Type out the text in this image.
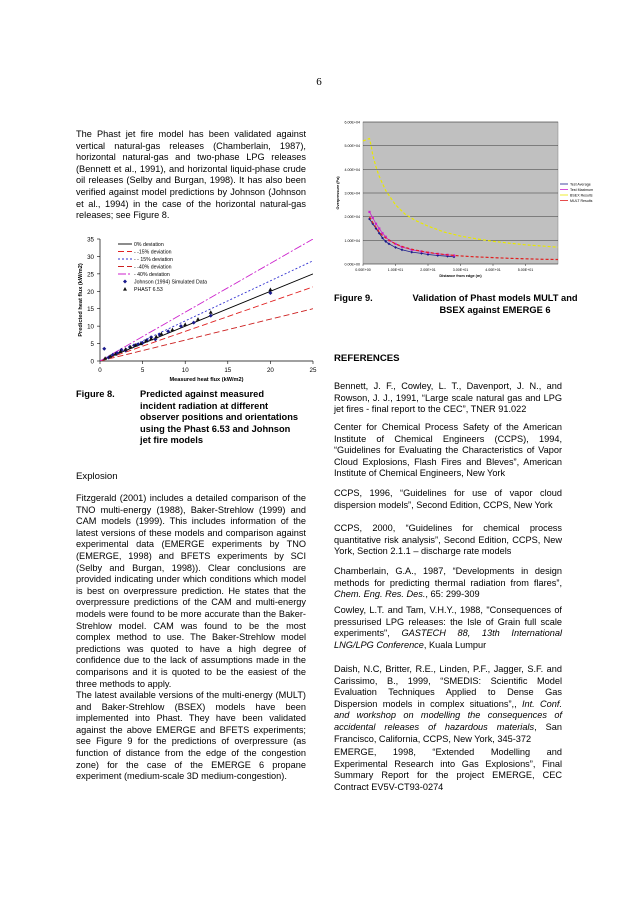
6
The Phast jet fire model has been validated against vertical natural-gas releases (Chamberlain, 1987), horizontal natural-gas and two-phase LPG releases (Bennett et al., 1991), and horizontal liquid-phase crude oil releases (Selby and Burgan, 1998). It has also been verified against model predictions by Johnson (Johnson et al., 1994) in the case of the horizontal natural-gas releases; see Figure 8.
0
5
10
15
20
25
30
35
0	5	10	15	20	25
Measured heat flux (kW/m2)
Predicted heat flux (kW/m2)
0% deviation
- -15% deviation
- - 15% deviation
- -40% deviation
- 40% deviation
Johnson (1994) Simulated Data
PHAST 6.53
Figure 8.	Predicted against measured incident radiation at different observer positions and orientations using the Phast 6.53 and Johnson jet fire models
Explosion
Fitzgerald (2001) includes a detailed comparison of the TNO multi-energy (1988), Baker-Strehlow (1999) and CAM models (1999). This includes information of the latest versions of these models and comparison against experimental data (EMERGE experiments by TNO (EMERGE, 1998) and BFETS experiments by SCI (Selby and Burgan, 1998)). Clear conclusions are provided indicating under which conditions which model is best on overpressure prediction. He states that the overpressure predictions of the CAM and multi-energy models were found to be more accurate than the Baker-Strehlow model. CAM was found to be the most complex method to use. The Baker-Strehlow model predictions was quoted to have a high degree of confidence due to the lack of assumptions made in the comparisons and it is quoted to be the easiest of the three methods to apply.
The latest available versions of the multi-energy (MULT) and Baker-Strehlow (BSEX) models have been implemented into Phast. They have been validated against the above EMERGE and BFETS experiments; see Figure 9 for the predictions of overpressure (as function of distance from the edge of the congestion zone) for the case of the EMERGE 6 propane experiment (medium-scale 3D medium-congestion).
0.00E+00
1.00E+04
2.00E+04
3.00E+04
4.00E+04
5.00E+04
6.00E+04
0.00E+00	1.00E+01	2.00E+01	3.00E+01	4.00E+01	5.00E+01
Distance from edge (m)
Overpressure (Pa)	Test Average
Test Maximum
BSEX Results
MULT Results
Figure 9.	Validation of Phast models MULT and BSEX against EMERGE 6
REFERENCES
Bennett, J. F., Cowley, L. T., Davenport, J. N., and Rowson, J. J., 1991, “Large scale natural gas and LPG jet fires - final report to the CEC”, TNER 91.022
Center for Chemical Process Safety of the American Institute of Chemical Engineers (CCPS), 1994, “Guidelines for Evaluating the Characteristics of Vapor Cloud Explosions, Flash Fires and Bleves”, American Institute of Chemical Engineers, New York
CCPS, 1996, “Guidelines for use of vapor cloud dispersion models”, Second Edition, CCPS, New York
CCPS, 2000, “Guidelines for chemical process quantitative risk analysis”, Second Edition, CCPS, New York, Section 2.1.1 – discharge rate models
Chamberlain, G.A., 1987, “Developments in design methods for predicting thermal radiation from flares”, Chem. Eng. Res. Des., 65: 299-309
Cowley, L.T. and Tam, V.H.Y., 1988, "Consequences of pressurised LPG releases: the Isle of Grain full scale experiments", GASTECH 88, 13th International LNG/LPG Conference, Kuala Lumpur
Daish, N.C, Britter, R.E., Linden, P.F., Jagger, S.F. and Carissimo, B., 1999, “SMEDIS: Scientific Model Evaluation Techniques Applied to Dense Gas Dispersion models in complex situations”,, Int. Conf. and workshop on modelling the consequences of accidental releases of hazardous materials, San Francisco, California, CCPS, New York, 345-372
EMERGE, 1998, “Extended Modelling and Experimental Research into Gas Explosions”, Final Summary Report for the project EMERGE, CEC Contract EV5V-CT93-0274
